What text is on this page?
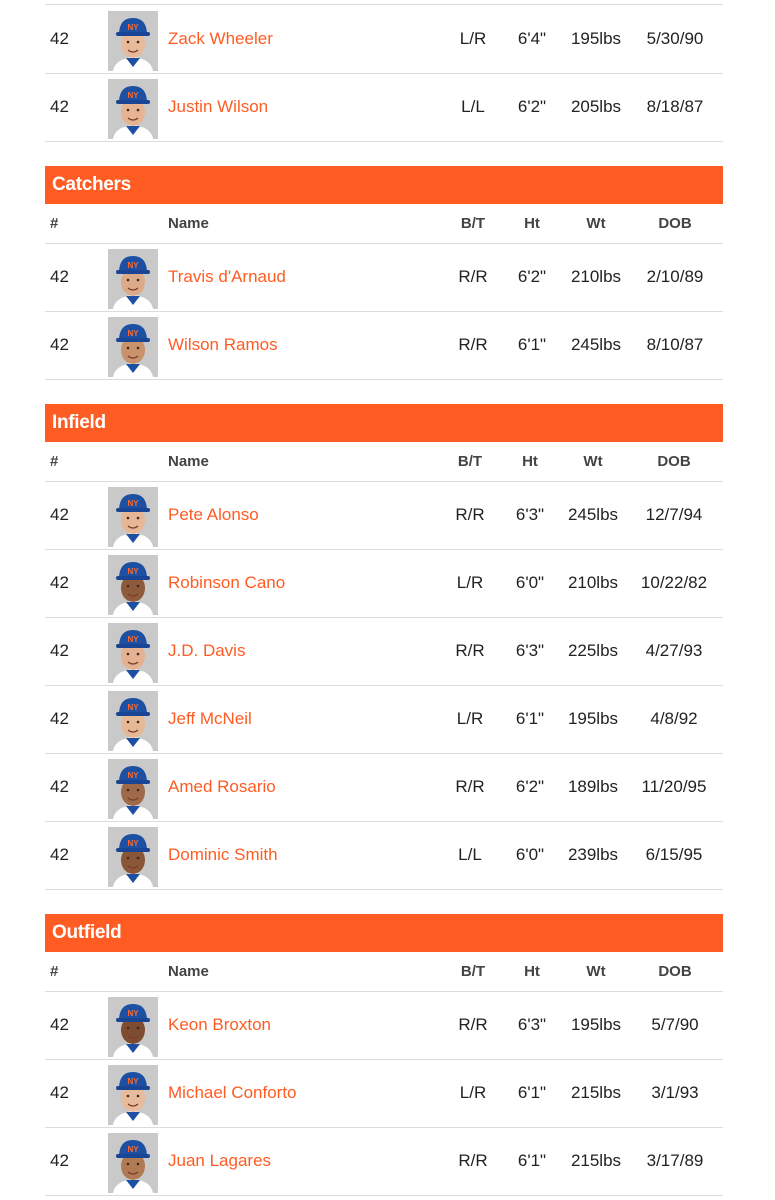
42
NY
Zack Wheeler	L/R 6'4" 195lbs 5/30/90
42
NY
Justin Wilson	L/L 6'2" 205lbs 8/18/87
Catchers
#	Name	B/T	Ht	Wt	DOB
42
NY
Travis d'Arnaud	R/R 6'2" 210lbs 2/10/89
42
NY
Wilson Ramos	R/R 6'1" 245lbs 8/10/87
Infield
#	Name	B/T	Ht	Wt	DOB
42
NY
Pete Alonso	R/R 6'3" 245lbs 12/7/94
42
NY
Robinson Cano	L/R 6'0" 210lbs 10/22/82
42
NY
J.D. Davis	R/R 6'3" 225lbs 4/27/93
42
NY
Jeff McNeil	L/R 6'1" 195lbs 4/8/92
42
NY
Amed Rosario	R/R 6'2" 189lbs 11/20/95
42
NY
Dominic Smith	L/L 6'0" 239lbs 6/15/95
Outfield
#	Name	B/T	Ht	Wt	DOB
42
NY
Keon Broxton	R/R 6'3" 195lbs 5/7/90
42
NY
Michael Conforto	L/R 6'1" 215lbs 3/1/93
42
NY
Juan Lagares	R/R 6'1" 215lbs 3/17/89
